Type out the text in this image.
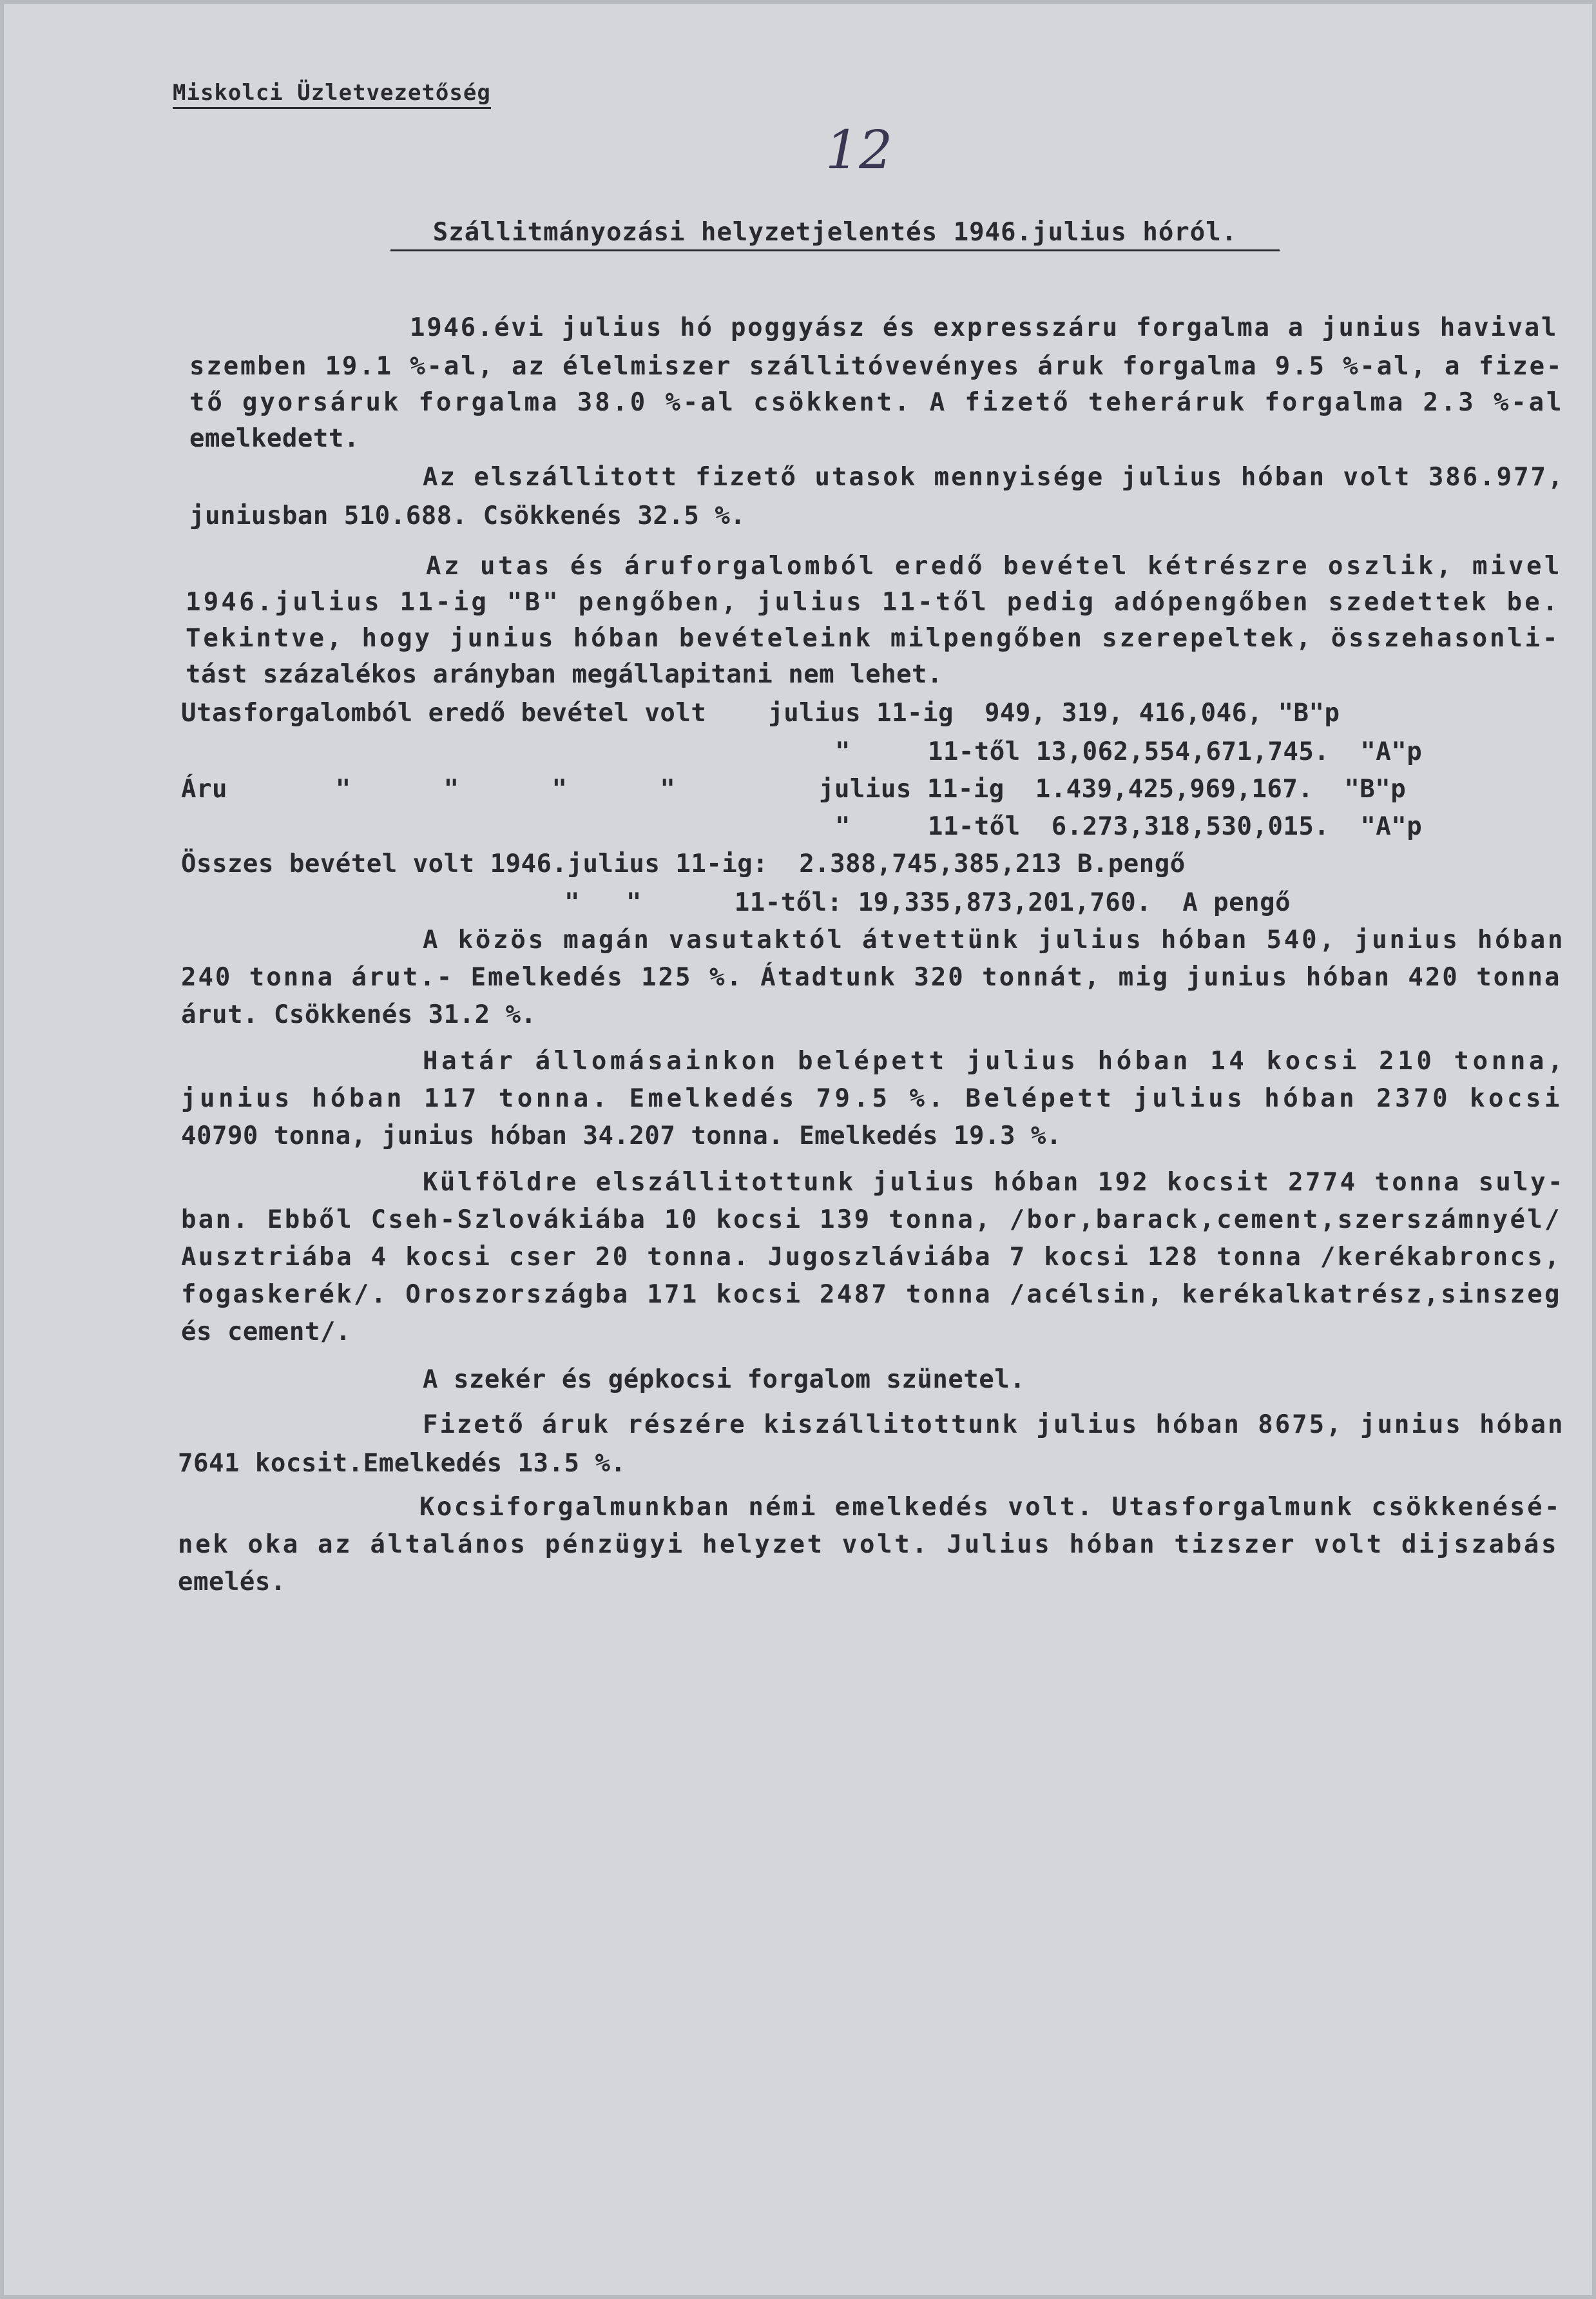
Miskolci Üzletvezetőség
12
Szállitmányozási helyzetjelentés 1946.julius hóról.
1946.évi julius hó poggyász és expresszáru forgalma a junius havival
szemben 19.1 %-al, az élelmiszer szállitóvevényes áruk forgalma 9.5 %-al, a fize-
tő gyorsáruk forgalma 38.0 %-al csökkent. A fizető teheráruk forgalma 2.3 %-al
emelkedett.
Az elszállitott fizető utasok mennyisége julius hóban volt 386.977,
juniusban 510.688. Csökkenés 32.5 %.
Az utas és áruforgalomból eredő bevétel kétrészre oszlik, mivel
1946.julius 11-ig "B" pengőben, julius 11-től pedig adópengőben szedettek be.
Tekintve, hogy junius hóban bevételeink milpengőben szerepeltek, összehasonli-
tást százalékos arányban megállapitani nem lehet.
Utasforgalomból eredő bevétel volt    julius 11-ig  949, 319, 416,046, "B"p
"     11-től 13,062,554,671,745.  "A"p
Áru       "      "      "      "	julius 11-ig  1.439,425,969,167.  "B"p
"     11-től  6.273,318,530,015.  "A"p
Összes bevétel volt 1946.julius 11-ig:  2.388,745,385,213 B.pengő
"   "      11-től: 19,335,873,201,760.  A pengő
A közös magán vasutaktól átvettünk julius hóban 540, junius hóban
240 tonna árut.- Emelkedés 125 %. Átadtunk 320 tonnát, mig junius hóban 420 tonna
árut. Csökkenés 31.2 %.
Határ állomásainkon belépett julius hóban 14 kocsi 210 tonna,
junius hóban 117 tonna. Emelkedés 79.5 %. Belépett julius hóban 2370 kocsi
40790 tonna, junius hóban 34.207 tonna. Emelkedés 19.3 %.
Külföldre elszállitottunk julius hóban 192 kocsit 2774 tonna suly-
ban. Ebből Cseh-Szlovákiába 10 kocsi 139 tonna, /bor,barack,cement,szerszámnyél/
Ausztriába 4 kocsi cser 20 tonna. Jugoszláviába 7 kocsi 128 tonna /kerékabroncs,
fogaskerék/. Oroszországba 171 kocsi 2487 tonna /acélsin, kerékalkatrész,sinszeg
és cement/.
A szekér és gépkocsi forgalom szünetel.
Fizető áruk részére kiszállitottunk julius hóban 8675, junius hóban
7641 kocsit.Emelkedés 13.5 %.
Kocsiforgalmunkban némi emelkedés volt. Utasforgalmunk csökkenésé-
nek oka az általános pénzügyi helyzet volt. Julius hóban tizszer volt dijszabás
emelés.
